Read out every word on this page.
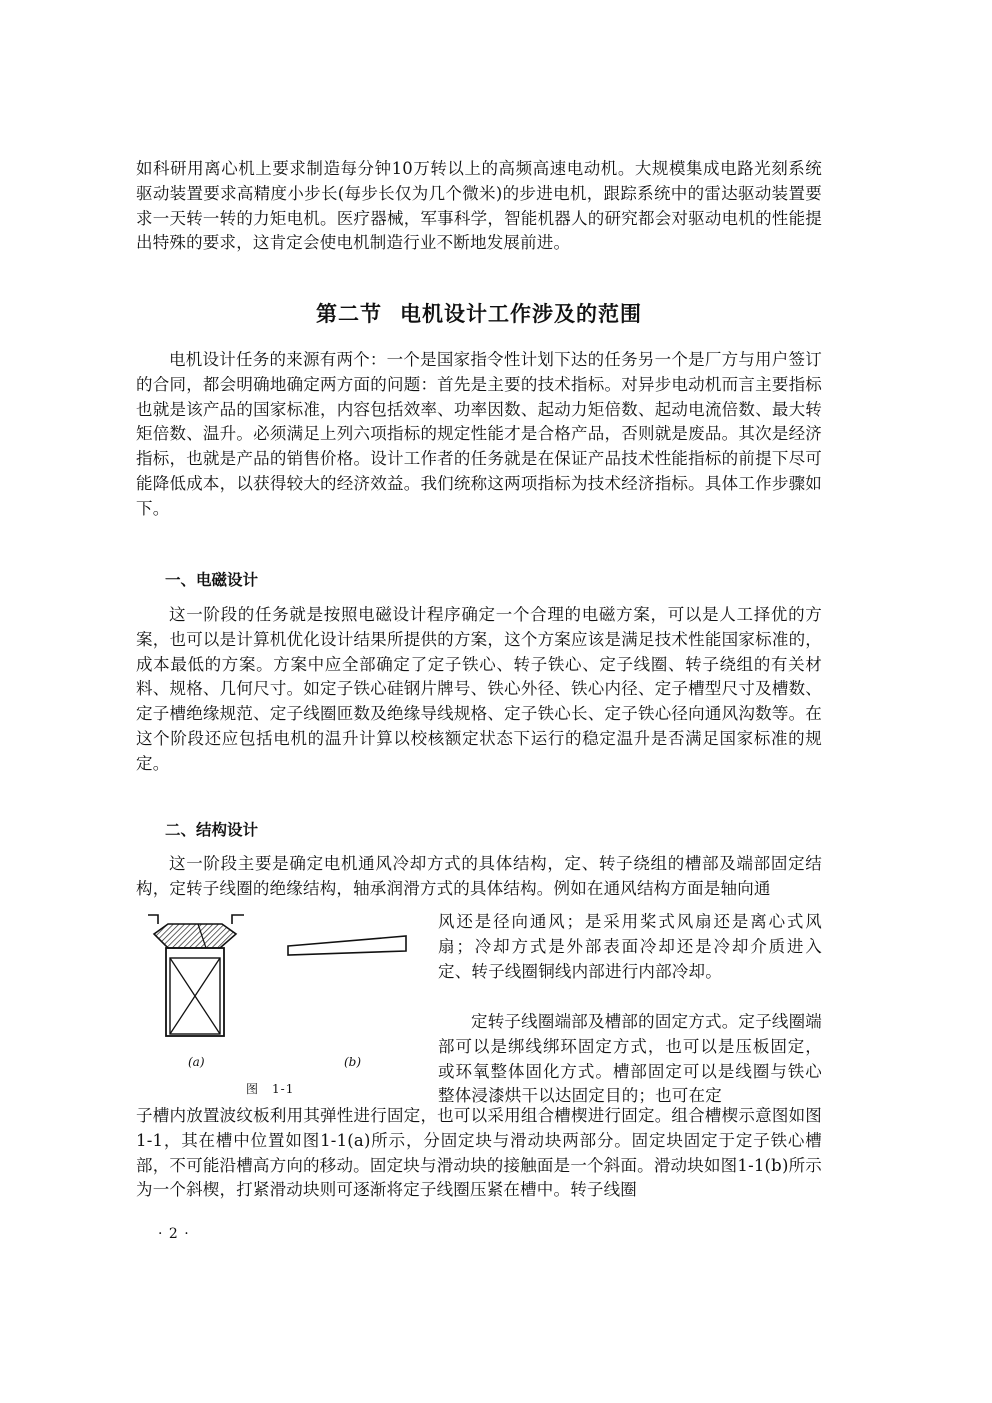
如科研用离心机上要求制造每分钟10万转以上的高频高速电动机。大规模集成电路光刻系统驱动装置要求高精度小步长(每步长仅为几个微米)的步进电机，跟踪系统中的雷达驱动装置要求一天转一转的力矩电机。医疗器械，军事科学，智能机器人的研究都会对驱动电机的性能提出特殊的要求，这肯定会使电机制造行业不断地发展前进。
第二节 电机设计工作涉及的范围
电机设计任务的来源有两个：一个是国家指令性计划下达的任务另一个是厂方与用户签订的合同，都会明确地确定两方面的问题：首先是主要的技术指标。对异步电动机而言主要指标也就是该产品的国家标准，内容包括效率、功率因数、起动力矩倍数、起动电流倍数、最大转矩倍数、温升。必须满足上列六项指标的规定性能才是合格产品，否则就是废品。其次是经济指标，也就是产品的销售价格。设计工作者的任务就是在保证产品技术性能指标的前提下尽可能降低成本，以获得较大的经济效益。我们统称这两项指标为技术经济指标。具体工作步骤如下。
一、电磁设计
这一阶段的任务就是按照电磁设计程序确定一个合理的电磁方案，可以是人工择优的方案，也可以是计算机优化设计结果所提供的方案，这个方案应该是满足技术性能国家标准的，成本最低的方案。方案中应全部确定了定子铁心、转子铁心、定子线圈、转子绕组的有关材料、规格、几何尺寸。如定子铁心硅钢片牌号、铁心外径、铁心内径、定子槽型尺寸及槽数、定子槽绝缘规范、定子线圈匝数及绝缘导线规格、定子铁心长、定子铁心径向通风沟数等。在这个阶段还应包括电机的温升计算以校核额定状态下运行的稳定温升是否满足国家标准的规定。
二、结构设计
这一阶段主要是确定电机通风冷却方式的具体结构，定、转子绕组的槽部及端部固定结构，定转子线圈的绝缘结构，轴承润滑方式的具体结构。例如在通风结构方面是轴向通
(a)	(b)
图　1-1
风还是径向通风；是采用桨式风扇还是离心式风扇；冷却方式是外部表面冷却还是冷却介质进入定、转子线圈铜线内部进行内部冷却。
定转子线圈端部及槽部的固定方式。定子线圈端部可以是绑线绑环固定方式，也可以是压板固定，或环氧整体固化方式。槽部固定可以是线圈与铁心整体浸漆烘干以达固定目的；也可在定
子槽内放置波纹板利用其弹性进行固定，也可以采用组合槽楔进行固定。组合槽楔示意图如图1-1，其在槽中位置如图1-1(a)所示，分固定块与滑动块两部分。固定块固定于定子铁心槽部，不可能沿槽高方向的移动。固定块与滑动块的接触面是一个斜面。滑动块如图1-1(b)所示为一个斜楔，打紧滑动块则可逐渐将定子线圈压紧在槽中。转子线圈
· 2 ·
